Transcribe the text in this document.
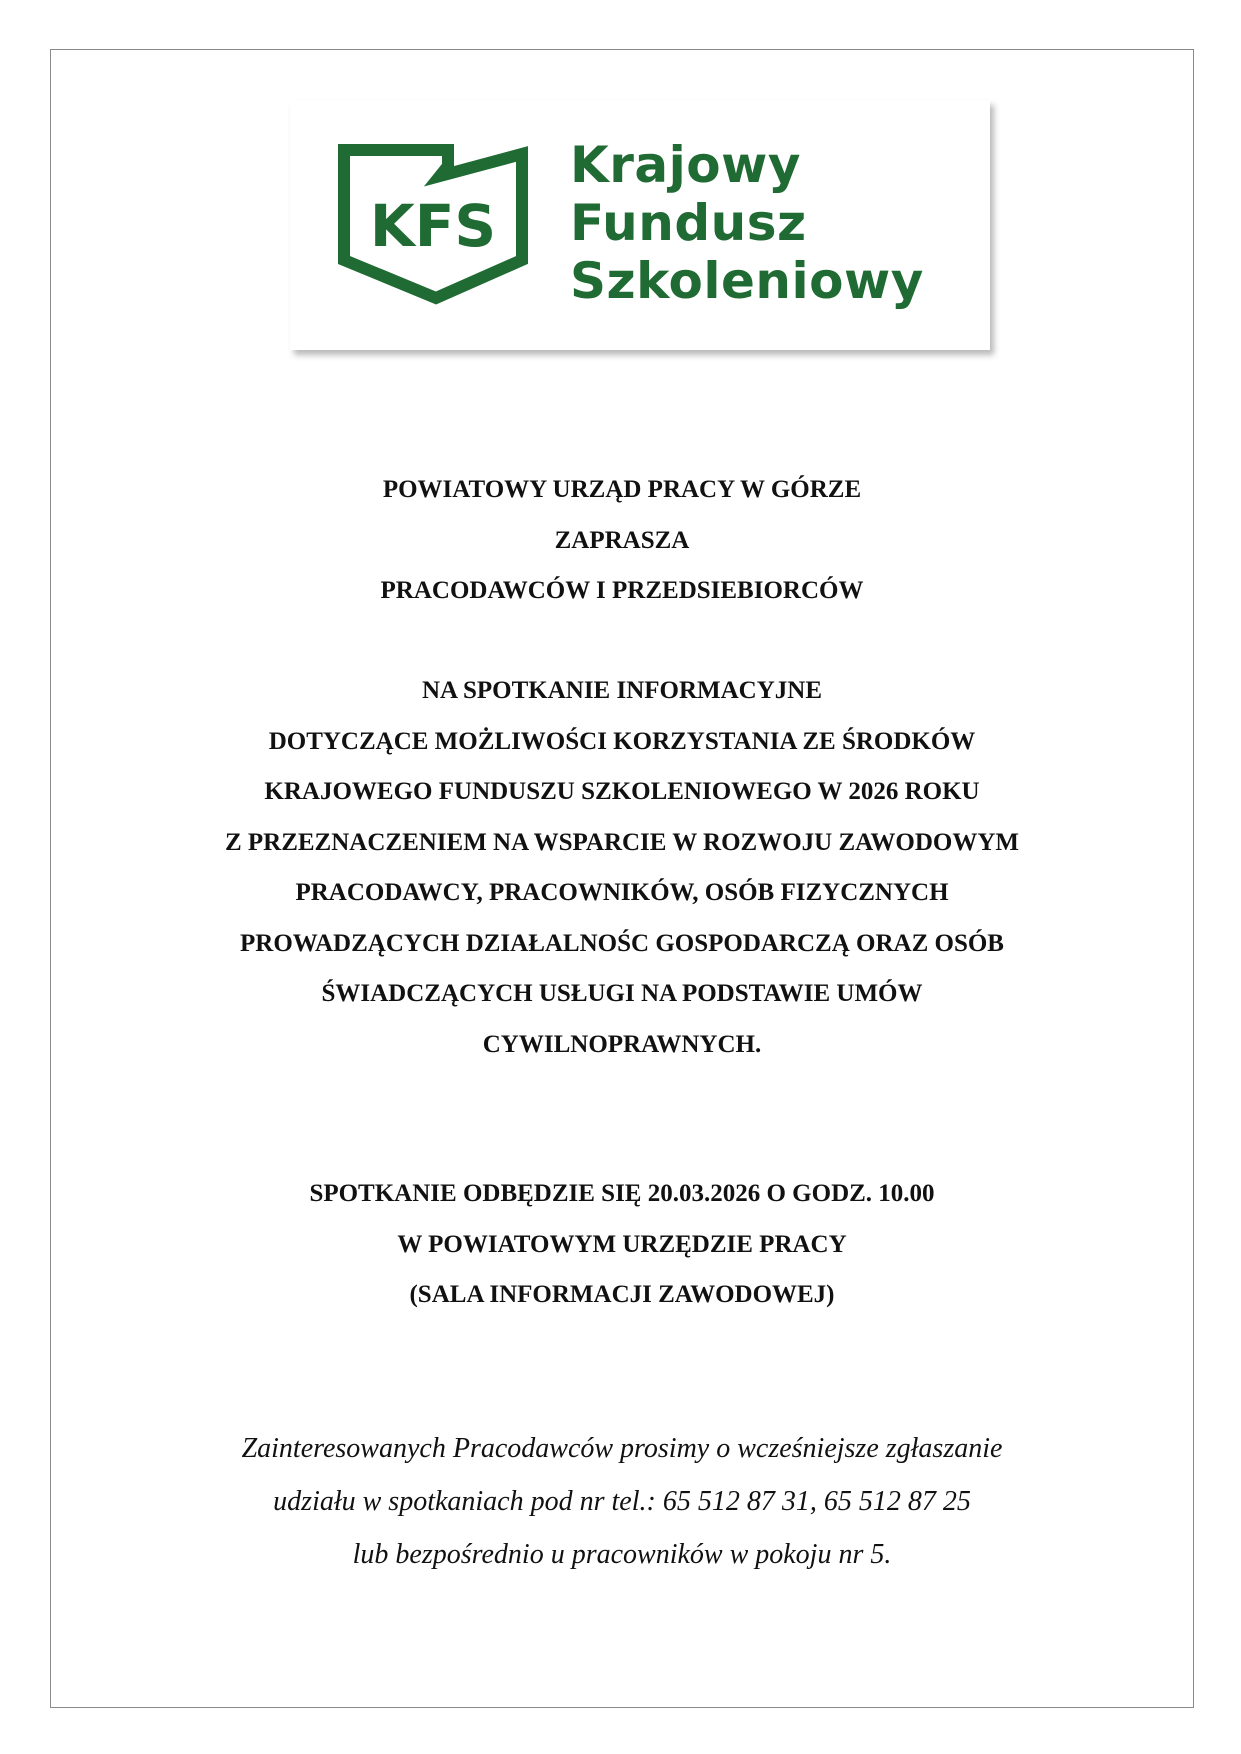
KFS
Krajowy
Fundusz
Szkoleniowy
POWIATOWY URZĄD PRACY W GÓRZE
ZAPRASZA
PRACODAWCÓW I PRZEDSIEBIORCÓW
NA SPOTKANIE INFORMACYJNE
DOTYCZĄCE MOŻLIWOŚCI KORZYSTANIA ZE ŚRODKÓW
KRAJOWEGO FUNDUSZU SZKOLENIOWEGO W 2026 ROKU
Z PRZEZNACZENIEM NA WSPARCIE W ROZWOJU ZAWODOWYM
PRACODAWCY, PRACOWNIKÓW, OSÓB FIZYCZNYCH
PROWADZĄCYCH DZIAŁALNOŚC GOSPODARCZĄ ORAZ OSÓB
ŚWIADCZĄCYCH USŁUGI NA PODSTAWIE UMÓW
CYWILNOPRAWNYCH.
SPOTKANIE ODBĘDZIE SIĘ 20.03.2026 O GODZ. 10.00
W POWIATOWYM URZĘDZIE PRACY
(SALA INFORMACJI ZAWODOWEJ)
Zainteresowanych Pracodawców prosimy o wcześniejsze zgłaszanie
udziału w spotkaniach pod nr tel.: 65 512 87 31, 65 512 87 25
lub bezpośrednio u pracowników w pokoju nr 5.
